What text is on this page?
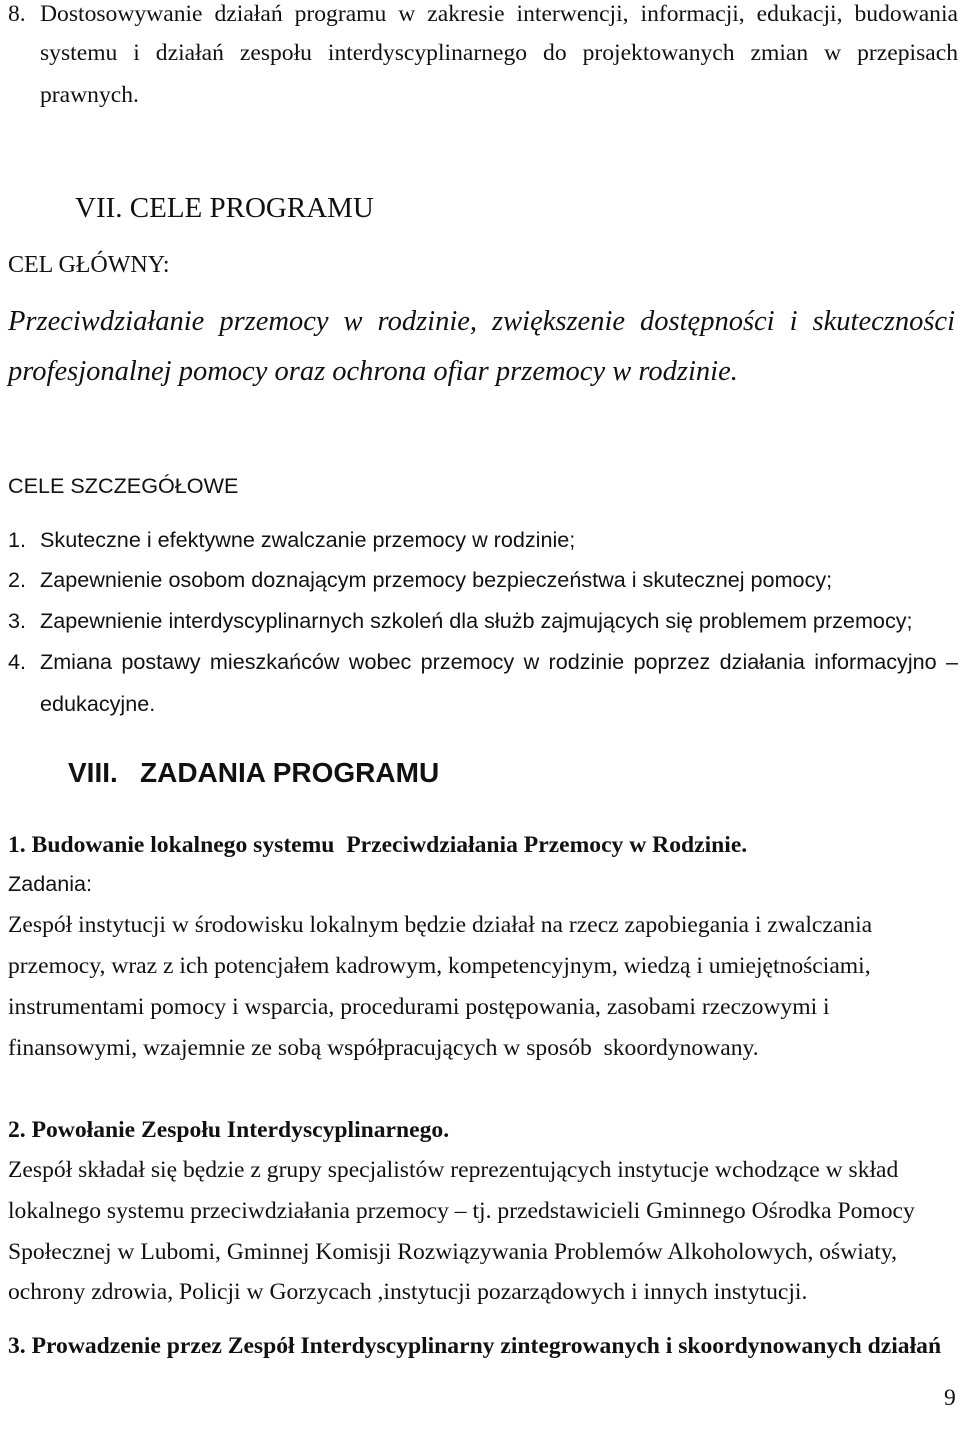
8. Dostosowywanie działań programu w zakresie interwencji, informacji, edukacji, budowania
systemu i działań zespołu interdyscyplinarnego do projektowanych zmian w przepisach
prawnych.
VII. CELE PROGRAMU
CEL GŁÓWNY:
Przeciwdziałanie przemocy w rodzinie, zwiększenie dostępności i skuteczności
profesjonalnej pomocy oraz ochrona ofiar przemocy w rodzinie.
CELE SZCZEGÓŁOWE
1. Skuteczne i efektywne zwalczanie przemocy w rodzinie;
2. Zapewnienie osobom doznającym przemocy bezpieczeństwa i skutecznej pomocy;
3. Zapewnienie interdyscyplinarnych szkoleń dla służb zajmujących się problemem przemocy;
4. Zmiana postawy mieszkańców wobec przemocy w rodzinie poprzez działania informacyjno –
edukacyjne.
VIII. ZADANIA PROGRAMU
1. Budowanie lokalnego systemu  Przeciwdziałania Przemocy w Rodzinie.
Zadania:
Zespół instytucji w środowisku lokalnym będzie działał na rzecz zapobiegania i zwalczania
przemocy, wraz z ich potencjałem kadrowym, kompetencyjnym, wiedzą i umiejętnościami,
instrumentami pomocy i wsparcia, procedurami postępowania, zasobami rzeczowymi i
finansowymi, wzajemnie ze sobą współpracujących w sposób  skoordynowany.
2. Powołanie Zespołu Interdyscyplinarnego.
Zespół składał się będzie z grupy specjalistów reprezentujących instytucje wchodzące w skład
lokalnego systemu przeciwdziałania przemocy – tj. przedstawicieli Gminnego Ośrodka Pomocy
Społecznej w Lubomi, Gminnej Komisji Rozwiązywania Problemów Alkoholowych, oświaty,
ochrony zdrowia, Policji w Gorzycach ,instytucji pozarządowych i innych instytucji.
3. Prowadzenie przez Zespół Interdyscyplinarny zintegrowanych i skoordynowanych działań
9
